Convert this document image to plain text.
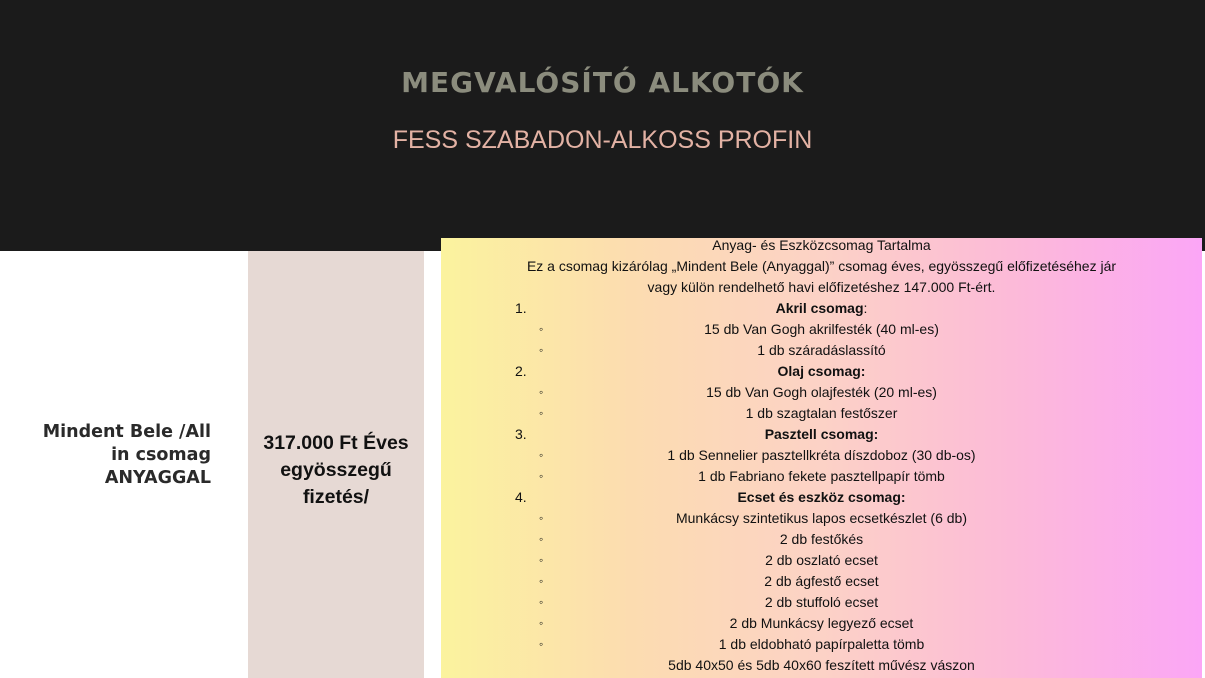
MEGVALÓSÍTÓ ALKOTÓK
FESS SZABADON-ALKOSS PROFIN
Mindent Bele /All
in csomag
ANYAGGAL
317.000 Ft Éves
egyösszegű
fizetés/
Anyag- és Eszközcsomag Tartalma
Ez a csomag kizárólag „Mindent Bele (Anyaggal)” csomag éves, egyösszegű előfizetéséhez jár
vagy külön rendelhető havi előfizetéshez 147.000 Ft-ért.
1.	Akril csomag:
◦	15 db Van Gogh akrilfesték (40 ml-es)
◦	1 db száradáslassító
2.	Olaj csomag:
◦	15 db Van Gogh olajfesték (20 ml-es)
◦	1 db szagtalan festőszer
3.	Pasztell csomag:
◦	1 db Sennelier pasztellkréta díszdoboz (30 db-os)
◦	1 db Fabriano fekete pasztellpapír tömb
4.	Ecset és eszköz csomag:
◦	Munkácsy szintetikus lapos ecsetkészlet (6 db)
◦	2 db festőkés
◦	2 db oszlató ecset
◦	2 db ágfestő ecset
◦	2 db stuffoló ecset
◦	2 db Munkácsy legyező ecset
◦	1 db eldobható papírpaletta tömb
5db 40x50 és 5db 40x60 feszített művész vászon
